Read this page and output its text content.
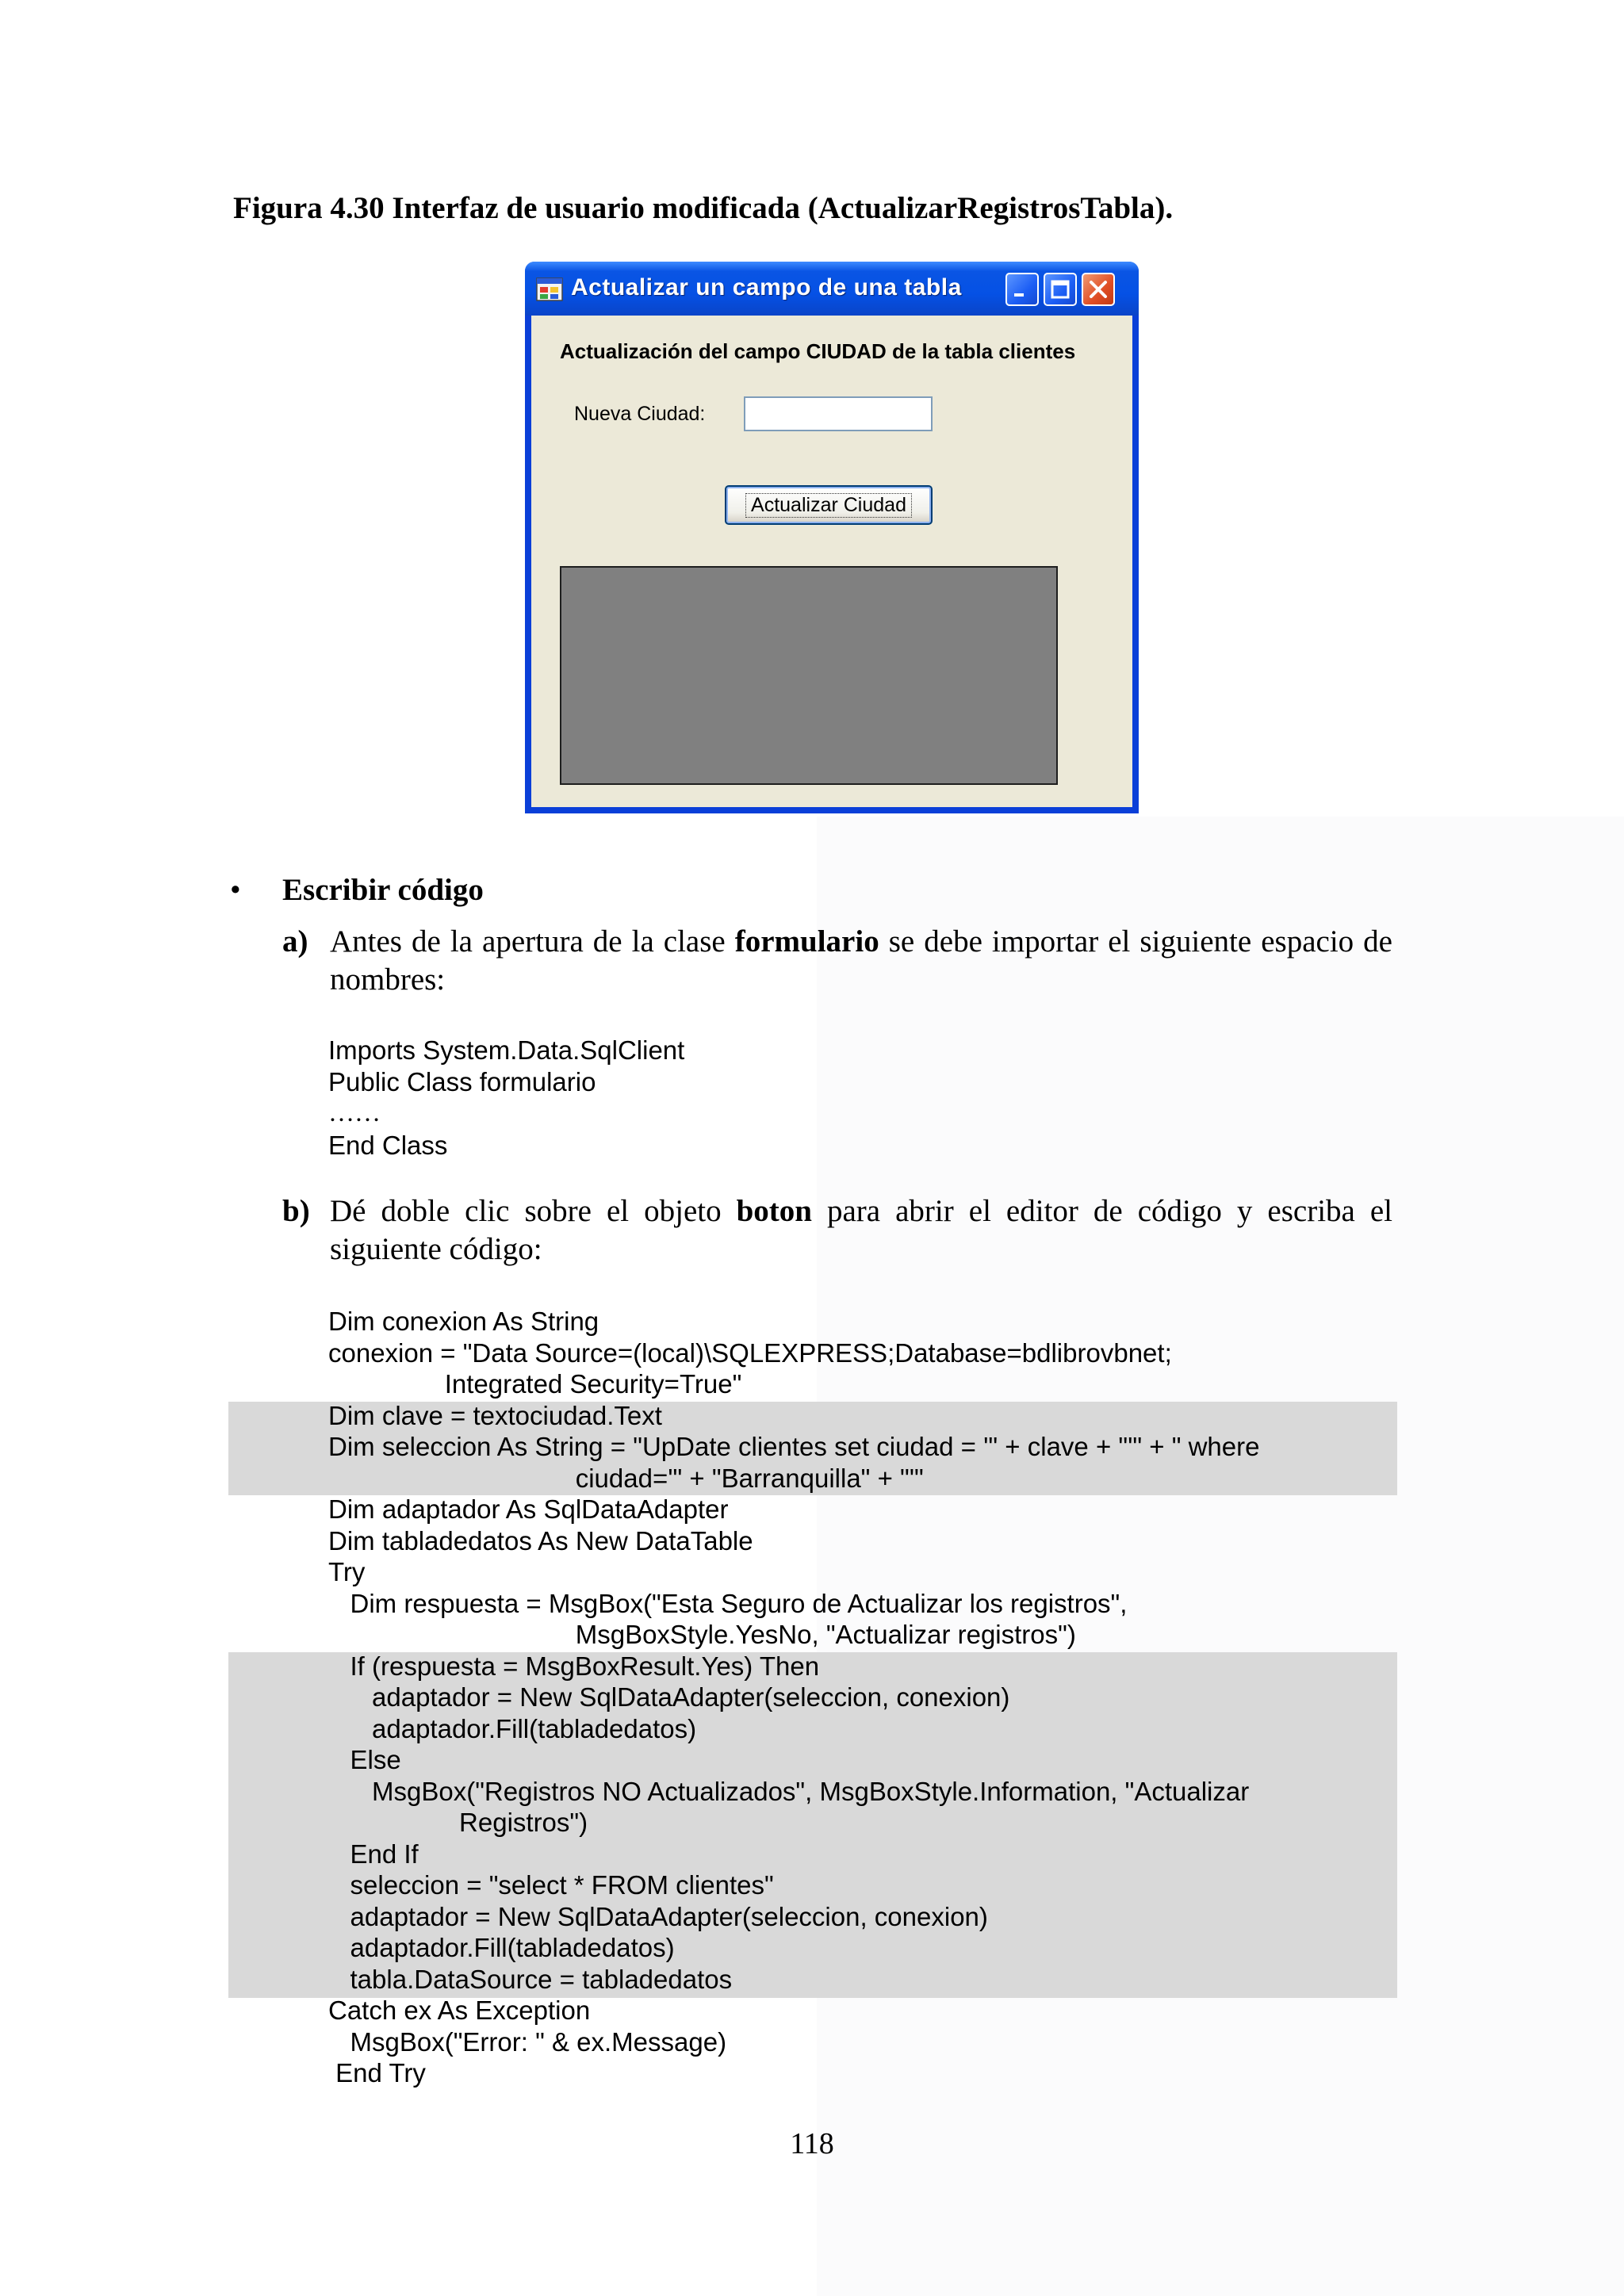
Figura 4.30 Interfaz de usuario modificada (ActualizarRegistrosTabla).
Actualizar un campo de una tabla
Actualización del campo CIUDAD de la tabla clientes
Nueva Ciudad:
Actualizar Ciudad
• Escribir código
a) Antes de la apertura de la clase formulario se debe importar el siguiente espacio de nombres:
Imports System.Data.SqlClient
Public Class formulario
……
End Class
b) Dé doble clic sobre el objeto boton para abrir el editor de código y escriba el siguiente código:
Dim conexion As String
conexion = "Data Source=(local)\SQLEXPRESS;Database=bdlibrovbnet;
Integrated Security=True"
Dim clave = textociudad.Text
Dim seleccion As String = "UpDate clientes set ciudad = '" + clave + "'" + " where
ciudad='" + "Barranquilla" + "'"
Dim adaptador As SqlDataAdapter
Dim tabladedatos As New DataTable
Try
Dim respuesta = MsgBox("Esta Seguro de Actualizar los registros",
MsgBoxStyle.YesNo, "Actualizar registros")
If (respuesta = MsgBoxResult.Yes) Then
adaptador = New SqlDataAdapter(seleccion, conexion)
adaptador.Fill(tabladedatos)
Else
MsgBox("Registros NO Actualizados", MsgBoxStyle.Information, "Actualizar
Registros")
End If
seleccion = "select * FROM clientes"
adaptador = New SqlDataAdapter(seleccion, conexion)
adaptador.Fill(tabladedatos)
tabla.DataSource = tabladedatos
Catch ex As Exception
MsgBox("Error: " & ex.Message)
End Try
118
